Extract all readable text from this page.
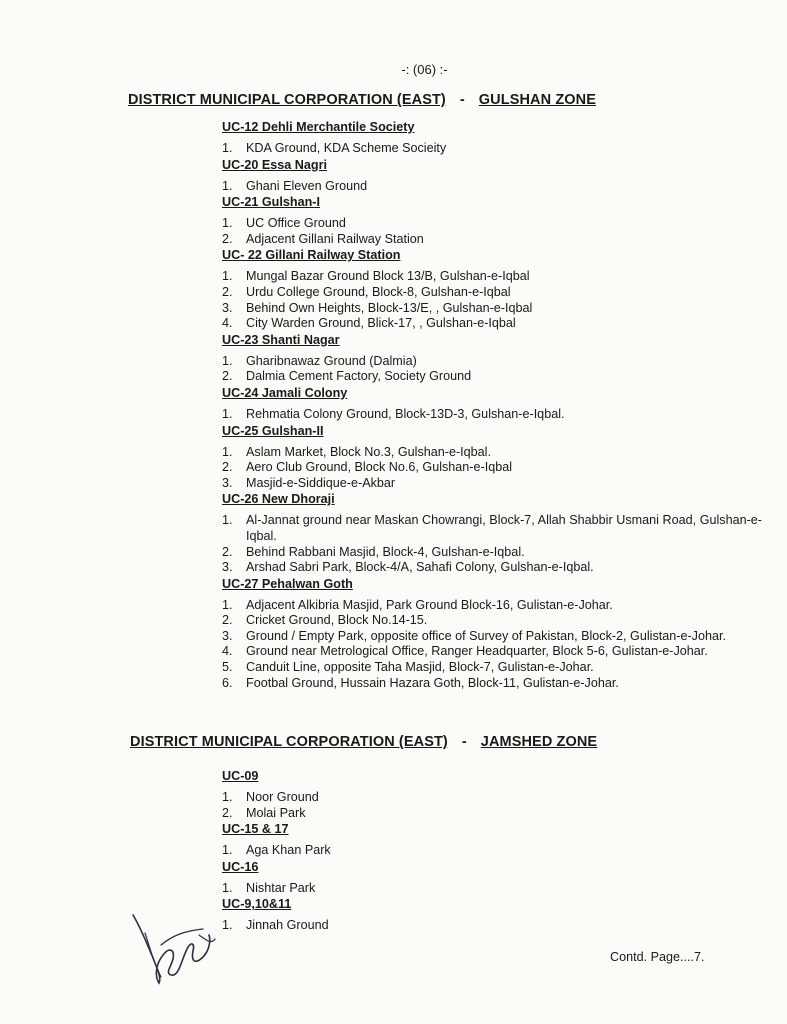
-: (06) :-
DISTRICT MUNICIPAL CORPORATION (EAST) - GULSHAN ZONE
UC-12 Dehli Merchantile Society
1.	KDA Ground, KDA Scheme Socieity
UC-20 Essa Nagri
1.	Ghani Eleven Ground
UC-21 Gulshan-I
1.	UC Office Ground
2.	Adjacent Gillani Railway Station
UC- 22 Gillani Railway Station
1.	Mungal Bazar Ground Block 13/B, Gulshan-e-Iqbal
2.	Urdu College Ground, Block-8, Gulshan-e-Iqbal
3.	Behind Own Heights, Block-13/E, , Gulshan-e-Iqbal
4.	City Warden Ground, Blick-17, , Gulshan-e-Iqbal
UC-23 Shanti Nagar
1.	Gharibnawaz Ground (Dalmia)
2.	Dalmia Cement Factory, Society Ground
UC-24 Jamali Colony
1.	Rehmatia Colony Ground, Block-13D-3, Gulshan-e-Iqbal.
UC-25 Gulshan-II
1.	Aslam Market, Block No.3, Gulshan-e-Iqbal.
2.	Aero Club Ground, Block No.6, Gulshan-e-Iqbal
3.	Masjid-e-Siddique-e-Akbar
UC-26 New Dhoraji
1.	Al-Jannat ground near Maskan Chowrangi, Block-7, Allah Shabbir Usmani Road, Gulshan-e-Iqbal.
2.	Behind Rabbani Masjid, Block-4, Gulshan-e-Iqbal.
3.	Arshad Sabri Park, Block-4/A, Sahafi Colony, Gulshan-e-Iqbal.
UC-27 Pehalwan Goth
1.	Adjacent Alkibria Masjid, Park Ground Block-16, Gulistan-e-Johar.
2.	Cricket Ground, Block No.14-15.
3.	Ground / Empty Park, opposite office of Survey of Pakistan, Block-2, Gulistan-e-Johar.
4.	Ground near Metrological Office, Ranger Headquarter, Block 5-6, Gulistan-e-Johar.
5.	Canduit Line, opposite Taha Masjid, Block-7, Gulistan-e-Johar.
6.	Footbal Ground, Hussain Hazara Goth, Block-11, Gulistan-e-Johar.
DISTRICT MUNICIPAL CORPORATION (EAST) - JAMSHED ZONE
UC-09
1.	Noor Ground
2.	Molai Park
UC-15 & 17
1.	Aga Khan Park
UC-16
1.	Nishtar Park
UC-9,10&11
1.	Jinnah Ground
Contd. Page....7.
